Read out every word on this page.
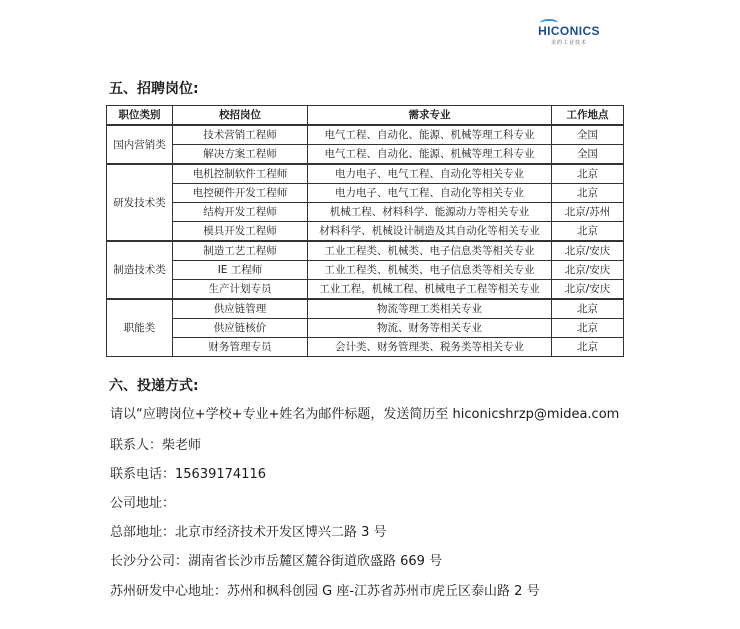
HICONICS
美的工业技术
五、招聘岗位:
职位类别	校招岗位	需求专业	工作地点
国内营销类	技术营销工程师	电气工程、自动化、能源、机械等理工科专业	全国
	解决方案工程师	电气工程、自动化、能源、机械等理工科专业	全国
研发技术类	电机控制软件工程师	电力电子、电气工程、自动化等相关专业	北京
	电控硬件开发工程师	电力电子、电气工程、自动化等相关专业	北京
	结构开发工程师	机械工程、材料科学、能源动力等相关专业	北京/苏州
	模具开发工程师	材料科学、机械设计制造及其自动化等相关专业	北京
制造技术类	制造工艺工程师	工业工程类、机械类、电子信息类等相关专业	北京/安庆
	IE 工程师	工业工程类、机械类、电子信息类等相关专业	北京/安庆
	生产计划专员	工业工程，机械工程、机械电子工程等相关专业	北京/安庆
职能类	供应链管理	物流等理工类相关专业	北京
	供应链核价	物流、财务等相关专业	北京
	财务管理专员	会计类、财务管理类、税务类等相关专业	北京
六、投递方式:
请以“应聘岗位+学校+专业+姓名为邮件标题，发送简历至 hiconicshrzp@midea.com
联系人：柴老师
联系电话：15639174116
公司地址：
总部地址：北京市经济技术开发区博兴二路 3 号
长沙分公司：湖南省长沙市岳麓区麓谷街道欣盛路 669 号
苏州研发中心地址：苏州和枫科创园 G 座-江苏省苏州市虎丘区泰山路 2 号
